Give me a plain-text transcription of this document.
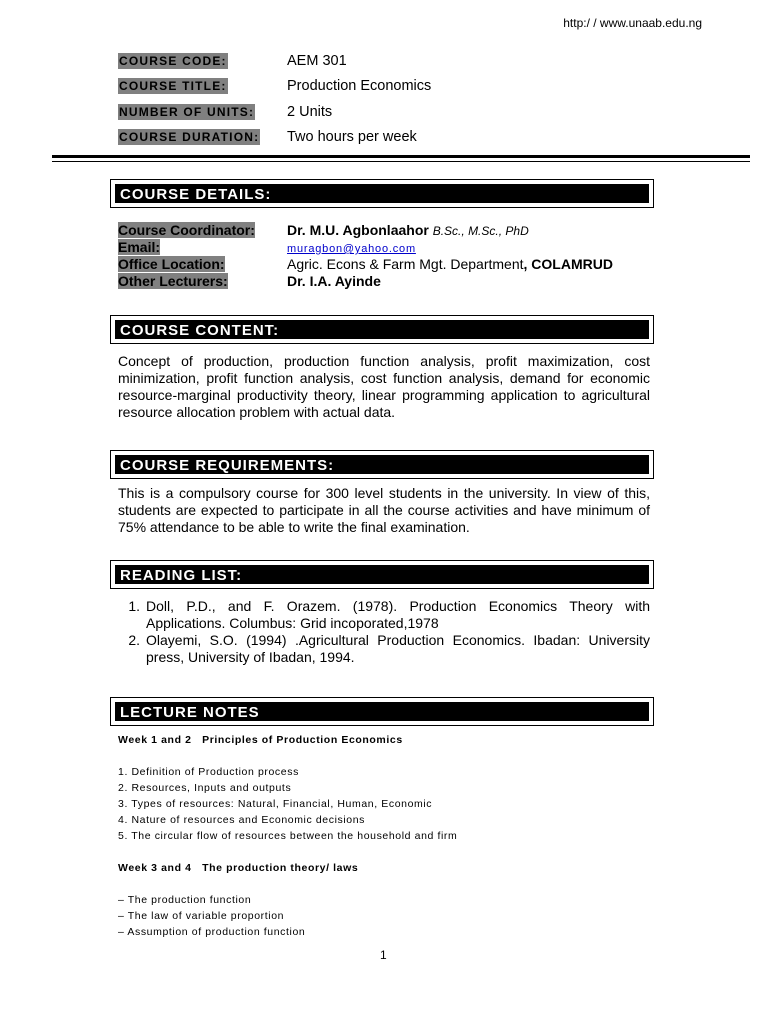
http:/ / www.unaab.edu.ng
COURSE CODE:	AEM 301
COURSE TITLE:	Production Economics
NUMBER OF UNITS:	2 Units
COURSE DURATION:	Two hours per week
COURSE DETAILS:
Course Coordinator:	Dr. M.U. Agbonlaahor B.Sc., M.Sc., PhD
Email:	muragbon@yahoo.com
Office Location:	Agric. Econs & Farm Mgt. Department, COLAMRUD
Other Lecturers:	Dr. I.A. Ayinde
COURSE CONTENT:

Concept of production, production function analysis, profit maximization, cost minimization, profit function analysis, cost function analysis, demand for economic resource-marginal productivity theory, linear programming application to agricultural resource allocation problem with actual data.

COURSE REQUIREMENTS:

This is a compulsory course for 300 level students in the university. In view of this, students are expected to participate in all the course activities and have minimum of 75% attendance to be able to write the final examination.

READING LIST:
1. Doll, P.D., and F. Orazem. (1978). Production Economics Theory with Applications. Columbus: Grid incoporated,1978
2. Olayemi, S.O. (1994) .Agricultural Production Economics. Ibadan: University press, University of Ibadan, 1994.
LECTURE NOTES
Week 1 and 2   Principles of Production Economics
1. Definition of Production process
2. Resources, Inputs and outputs
3. Types of resources: Natural, Financial, Human, Economic
4. Nature of resources and Economic decisions
5. The circular flow of resources between the household and firm
Week 3 and 4   The production theory/ laws
– The production function
– The law of variable proportion
– Assumption of production function
1
